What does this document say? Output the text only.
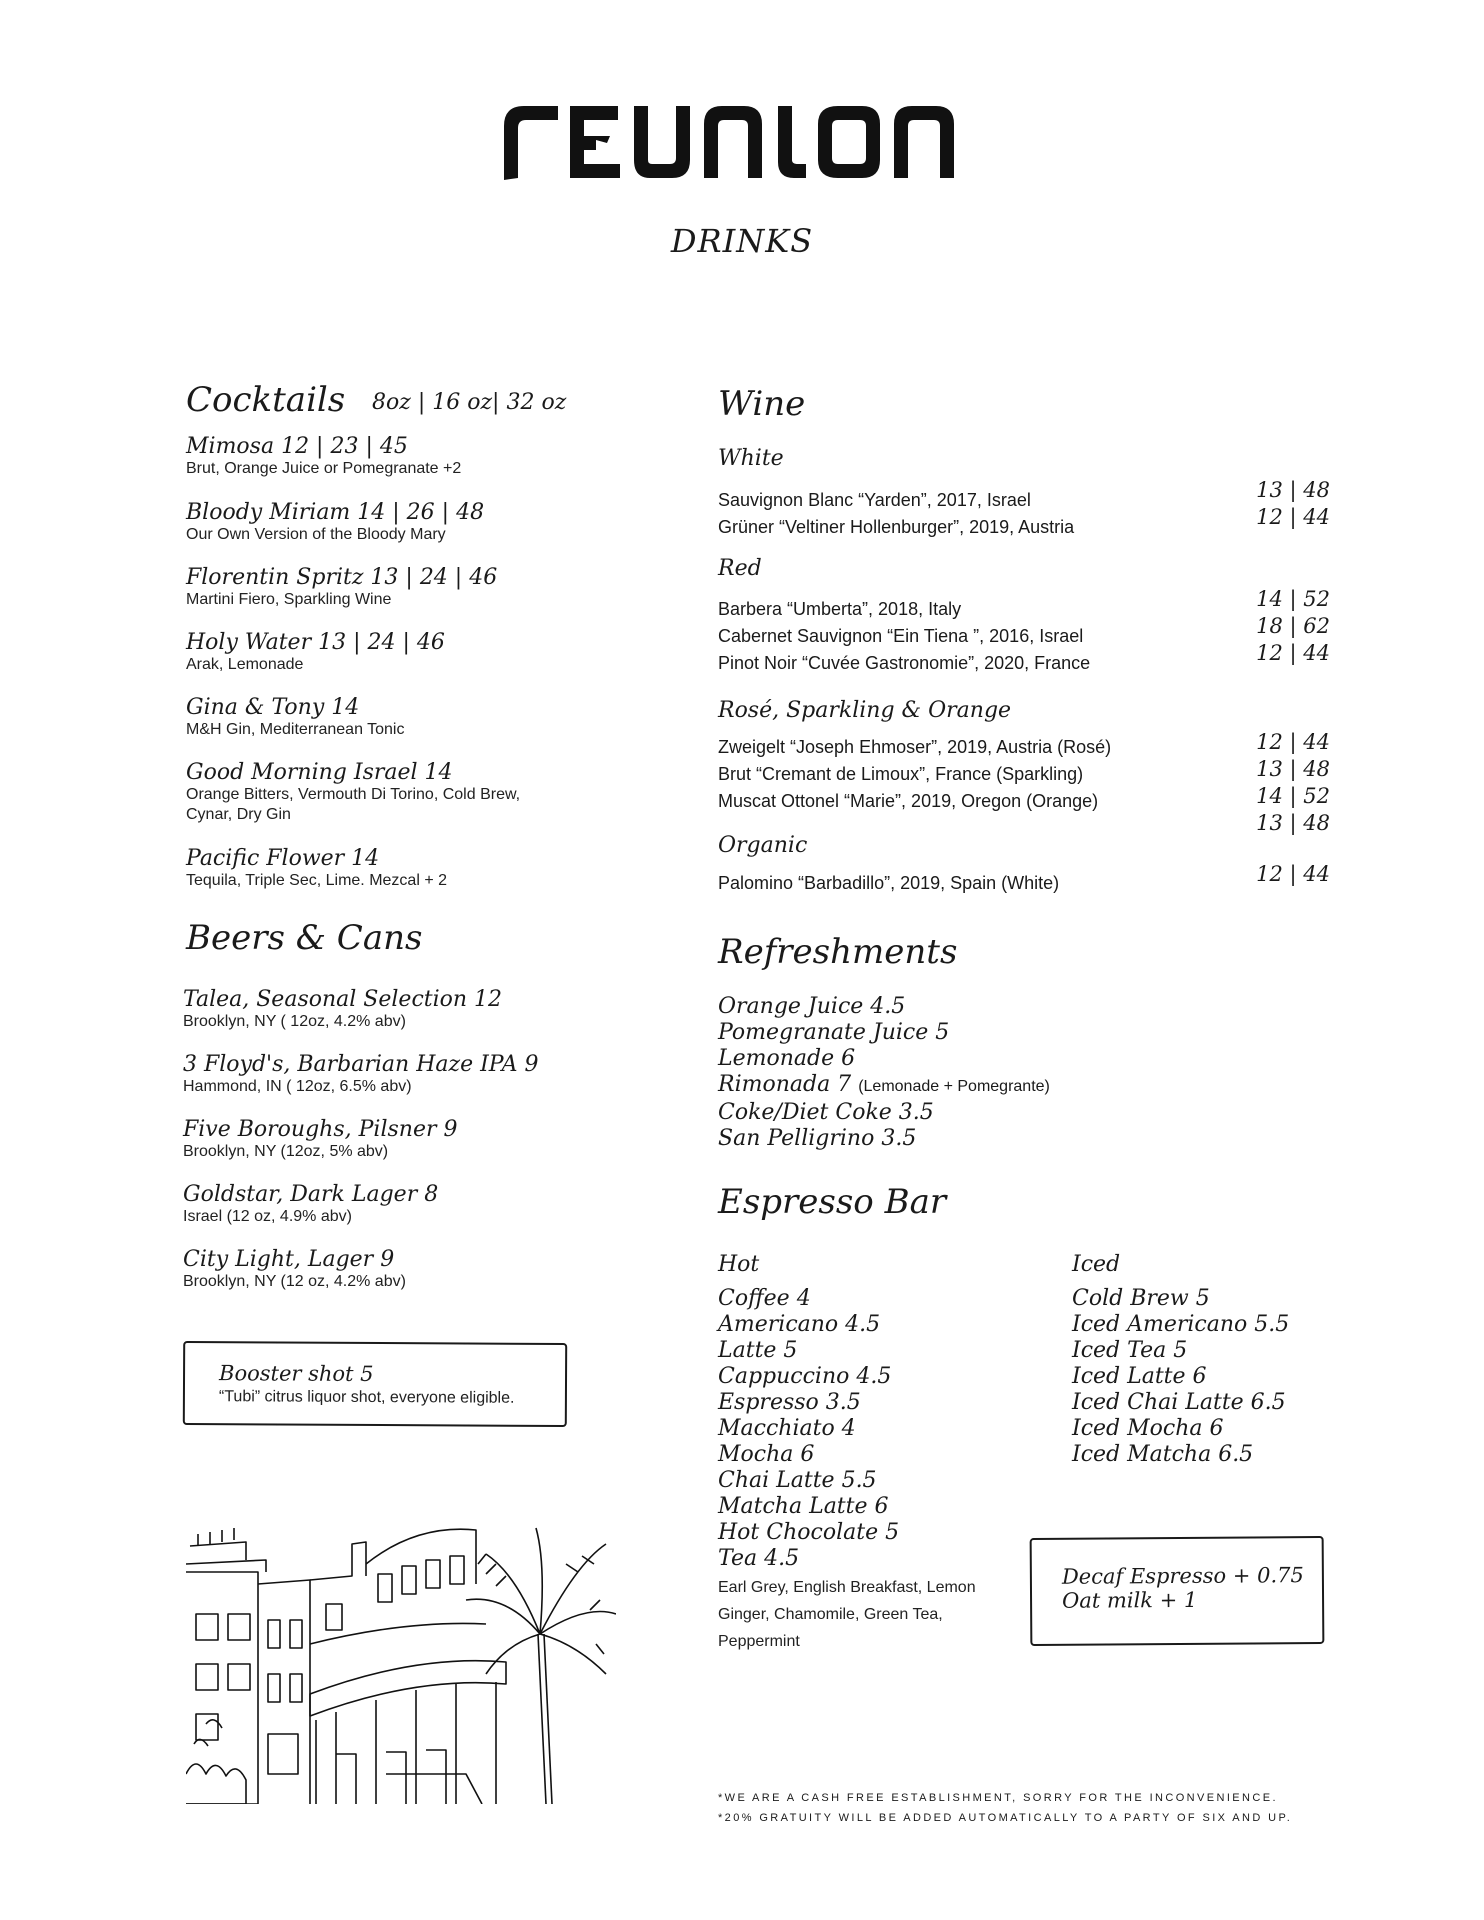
DRINKS
Cocktails 8oz | 16 oz| 32 oz
Mimosa 12 | 23 | 45
Brut, Orange Juice or Pomegranate +2
Bloody Miriam 14 | 26 | 48
Our Own Version of the Bloody Mary
Florentin Spritz 13 | 24 | 46
Martini Fiero, Sparkling Wine
Holy Water 13 | 24 | 46
Arak, Lemonade
Gina & Tony 14
M&H Gin, Mediterranean Tonic
Good Morning Israel 14
Orange Bitters, Vermouth Di Torino, Cold Brew,
Cynar, Dry Gin
Pacific Flower 14
Tequila, Triple Sec, Lime. Mezcal + 2
Beers & Cans
Talea, Seasonal Selection 12
Brooklyn, NY ( 12oz, 4.2% abv)
3 Floyd's, Barbarian Haze IPA 9
Hammond, IN ( 12oz, 6.5% abv)
Five Boroughs, Pilsner 9
Brooklyn, NY (12oz, 5% abv)
Goldstar, Dark Lager 8
Israel (12 oz, 4.9% abv)
City Light, Lager 9
Brooklyn, NY (12 oz, 4.2% abv)
Booster shot 5
“Tubi” citrus liquor shot, everyone eligible.
Wine
White
Sauvignon Blanc “Yarden”, 2017, Israel
Grüner “Veltiner Hollenburger”, 2019, Austria
13 | 48
12 | 44
Red
Barbera “Umberta”, 2018, Italy
Cabernet Sauvignon “Ein Tiena ”, 2016, Israel
Pinot Noir “Cuvée Gastronomie”, 2020, France
14 | 52
18 | 62
12 | 44
Rosé, Sparkling & Orange
Zweigelt “Joseph Ehmoser”, 2019, Austria (Rosé)
Brut “Cremant de Limoux”, France (Sparkling)
Muscat Ottonel “Marie”, 2019, Oregon (Orange)
12 | 44
13 | 48
14 | 52
13 | 48
Organic
Palomino “Barbadillo”, 2019, Spain (White)	12 | 44
Refreshments
Orange Juice 4.5
Pomegranate Juice 5
Lemonade 6
Rimonada 7 (Lemonade + Pomegrante)
Coke/Diet Coke 3.5
San Pelligrino 3.5
Espresso Bar
Hot	Iced
Coffee 4
Americano 4.5
Latte 5
Cappuccino 4.5
Espresso 3.5
Macchiato 4
Mocha 6
Chai Latte 5.5
Matcha Latte 6
Hot Chocolate 5
Tea 4.5
Earl Grey, English Breakfast, Lemon
Ginger, Chamomile, Green Tea,
Peppermint
Cold Brew 5
Iced Americano 5.5
Iced Tea 5
Iced Latte 6
Iced Chai Latte 6.5
Iced Mocha 6
Iced Matcha 6.5
Decaf Espresso + 0.75
Oat milk + 1
*WE ARE A CASH FREE ESTABLISHMENT, SORRY FOR THE INCONVENIENCE.
*20% GRATUITY WILL BE ADDED AUTOMATICALLY TO A PARTY OF SIX AND UP.
